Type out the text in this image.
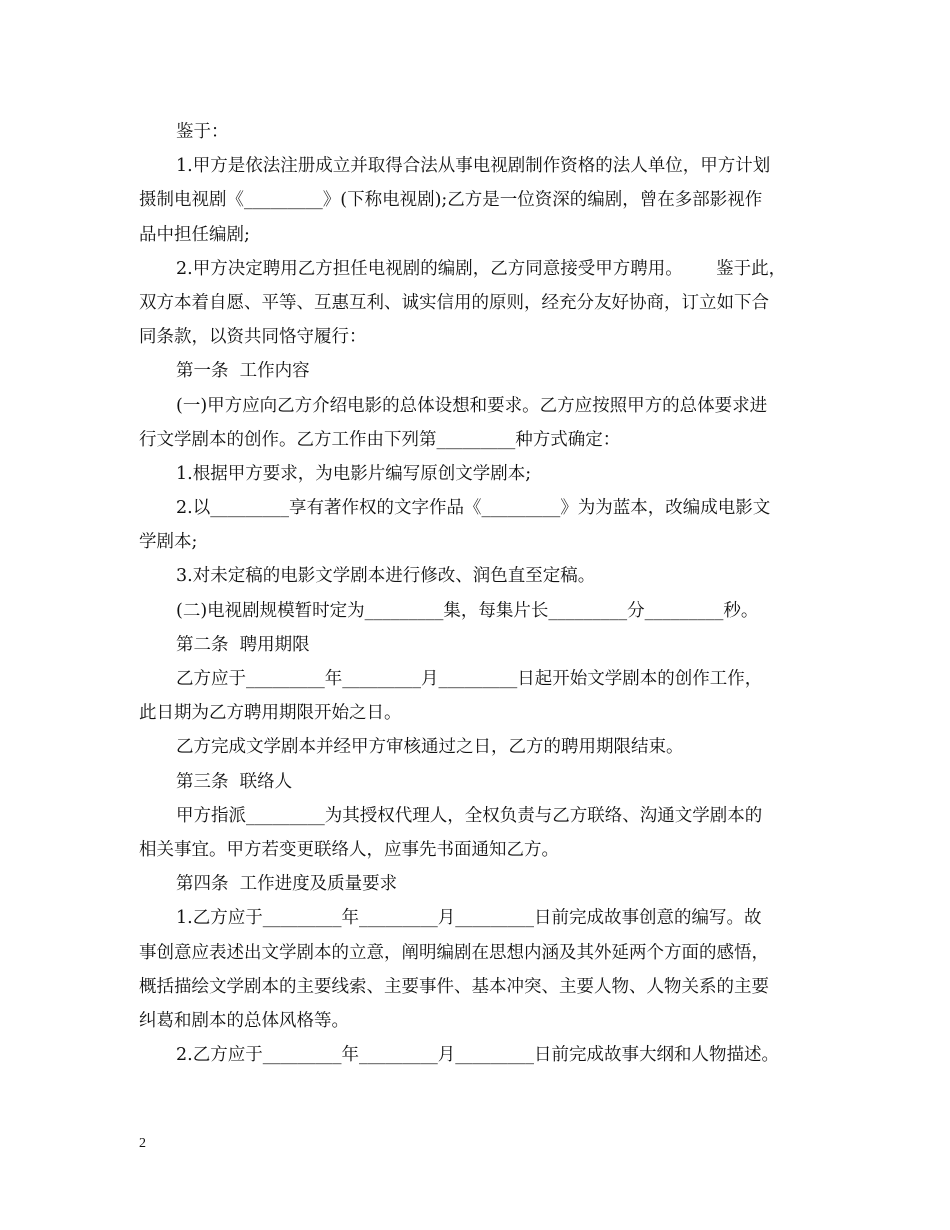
鉴于：
1.甲方是依法注册成立并取得合法从事电视剧制作资格的法人单位，甲方计划
摄制电视剧《_________》(下称电视剧);乙方是一位资深的编剧，曾在多部影视作
品中担任编剧;
2.甲方决定聘用乙方担任电视剧的编剧，乙方同意接受甲方聘用。      鉴于此，
双方本着自愿、平等、互惠互利、诚实信用的原则，经充分友好协商，订立如下合
同条款，以资共同恪守履行：
第一条  工作内容
(一)甲方应向乙方介绍电影的总体设想和要求。乙方应按照甲方的总体要求进
行文学剧本的创作。乙方工作由下列第_________种方式确定：
1.根据甲方要求，为电影片编写原创文学剧本;
2.以_________享有著作权的文字作品《_________》为为蓝本，改编成电影文
学剧本;
3.对未定稿的电影文学剧本进行修改、润色直至定稿。
(二)电视剧规模暂时定为_________集，每集片长_________分_________秒。
第二条  聘用期限
乙方应于_________年_________月_________日起开始文学剧本的创作工作，
此日期为乙方聘用期限开始之日。
乙方完成文学剧本并经甲方审核通过之日，乙方的聘用期限结束。
第三条  联络人
甲方指派_________为其授权代理人，全权负责与乙方联络、沟通文学剧本的
相关事宜。甲方若变更联络人，应事先书面通知乙方。
第四条  工作进度及质量要求
1.乙方应于_________年_________月_________日前完成故事创意的编写。故
事创意应表述出文学剧本的立意，阐明编剧在思想内涵及其外延两个方面的感悟，
概括描绘文学剧本的主要线索、主要事件、基本冲突、主要人物、人物关系的主要
纠葛和剧本的总体风格等。
2.乙方应于_________年_________月_________日前完成故事大纲和人物描述。
2
